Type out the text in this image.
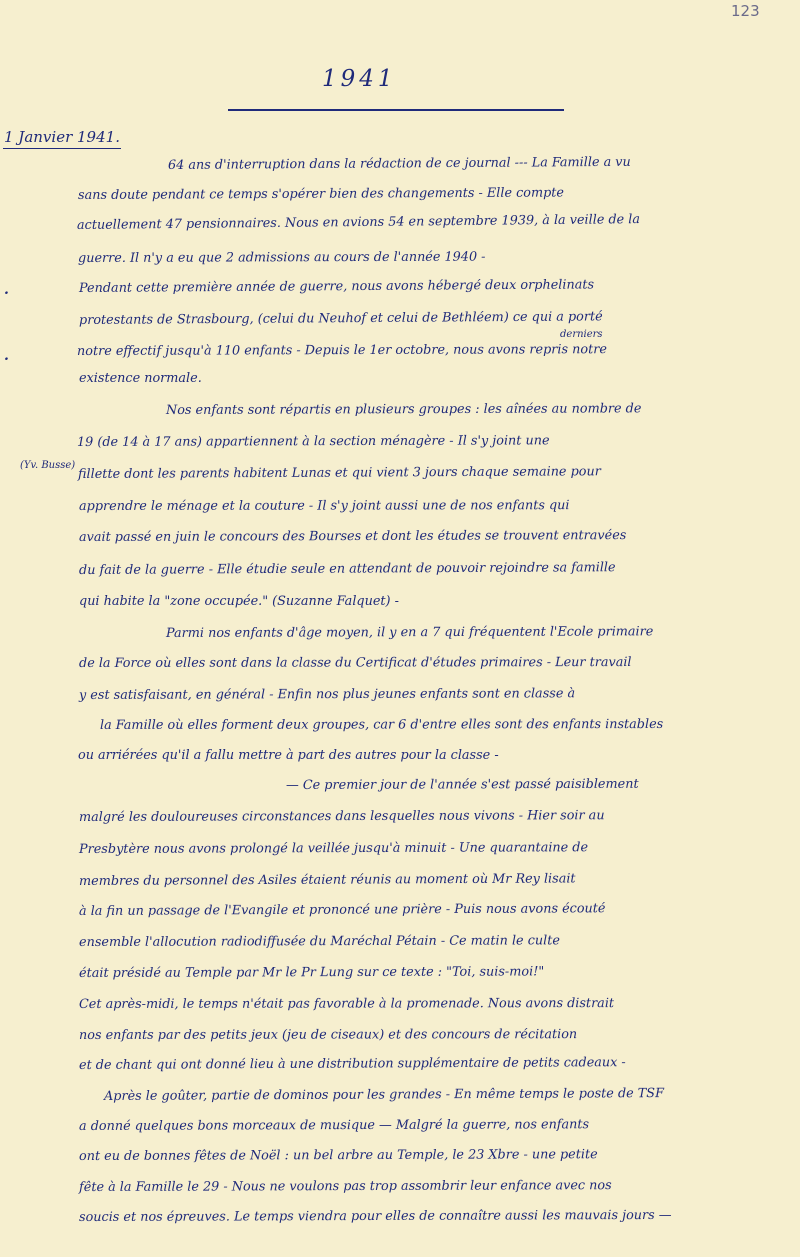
123
1941
1 Janvier 1941.
.
.
(Yv. Busse)
derniers
64 ans d'interruption dans la rédaction de ce journal --- La Famille a vu
sans doute pendant ce temps s'opérer bien des changements - Elle compte
actuellement 47 pensionnaires. Nous en avions 54 en septembre 1939, à la veille de la
guerre. Il n'y a eu que 2 admissions au cours de l'année 1940 -
Pendant cette première année de guerre, nous avons hébergé deux orphelinats
protestants de Strasbourg, (celui du Neuhof et celui de Bethléem) ce qui a porté
notre effectif jusqu'à 110 enfants - Depuis le 1er octobre, nous avons repris notre
existence normale.
Nos enfants sont répartis en plusieurs groupes : les aînées au nombre de
19 (de 14 à 17 ans) appartiennent à la section ménagère - Il s'y joint une
fillette dont les parents habitent Lunas et qui vient 3 jours chaque semaine pour
apprendre le ménage et la couture - Il s'y joint aussi une de nos enfants qui
avait passé en juin le concours des Bourses et dont les études se trouvent entravées
du fait de la guerre - Elle étudie seule en attendant de pouvoir rejoindre sa famille
qui habite la "zone occupée." (Suzanne Falquet) -
Parmi nos enfants d'âge moyen, il y en a 7 qui fréquentent l'Ecole primaire
de la Force où elles sont dans la classe du Certificat d'études primaires - Leur travail
y est satisfaisant, en général - Enfin nos plus jeunes enfants sont en classe à
la Famille où elles forment deux groupes, car 6 d'entre elles sont des enfants instables
ou arriérées qu'il a fallu mettre à part des autres pour la classe -
— Ce premier jour de l'année s'est passé paisiblement
malgré les douloureuses circonstances dans lesquelles nous vivons - Hier soir au
Presbytère nous avons prolongé la veillée jusqu'à minuit - Une quarantaine de
membres du personnel des Asiles étaient réunis au moment où Mr Rey lisait
à la fin un passage de l'Evangile et prononcé une prière - Puis nous avons écouté
ensemble l'allocution radiodiffusée du Maréchal Pétain - Ce matin le culte
était présidé au Temple par Mr le Pr Lung sur ce texte : "Toi, suis-moi!"
Cet après-midi, le temps n'était pas favorable à la promenade. Nous avons distrait
nos enfants par des petits jeux (jeu de ciseaux) et des concours de récitation
et de chant qui ont donné lieu à une distribution supplémentaire de petits cadeaux -
Après le goûter, partie de dominos pour les grandes - En même temps le poste de TSF
a donné quelques bons morceaux de musique — Malgré la guerre, nos enfants
ont eu de bonnes fêtes de Noël : un bel arbre au Temple, le 23 Xbre - une petite
fête à la Famille le 29 - Nous ne voulons pas trop assombrir leur enfance avec nos
soucis et nos épreuves. Le temps viendra pour elles de connaître aussi les mauvais jours —
